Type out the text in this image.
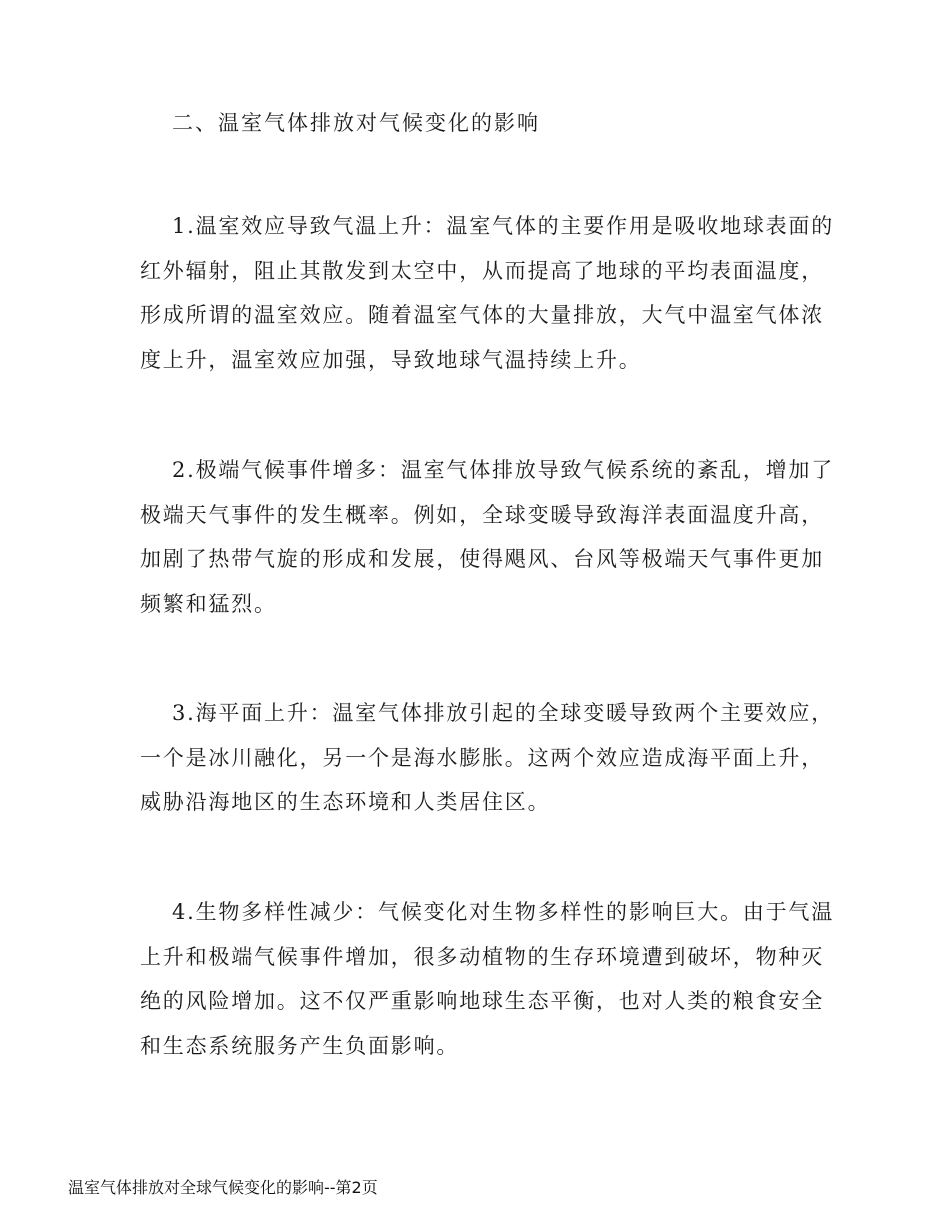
二、温室气体排放对气候变化的影响

1.温室效应导致气温上升：温室气体的主要作用是吸收地球表面的红外辐射，阻止其散发到太空中，从而提高了地球的平均表面温度，形成所谓的温室效应。随着温室气体的大量排放，大气中温室气体浓度上升，温室效应加强，导致地球气温持续上升。

2.极端气候事件增多：温室气体排放导致气候系统的紊乱，增加了极端天气事件的发生概率。例如，全球变暖导致海洋表面温度升高，加剧了热带气旋的形成和发展，使得飓风、台风等极端天气事件更加频繁和猛烈。

3.海平面上升：温室气体排放引起的全球变暖导致两个主要效应，一个是冰川融化，另一个是海水膨胀。这两个效应造成海平面上升，威胁沿海地区的生态环境和人类居住区。

4.生物多样性减少：气候变化对生物多样性的影响巨大。由于气温上升和极端气候事件增加，很多动植物的生存环境遭到破坏，物种灭绝的风险增加。这不仅严重影响地球生态平衡，也对人类的粮食安全和生态系统服务产生负面影响。

温室气体排放对全球气候变化的影响--第2页
